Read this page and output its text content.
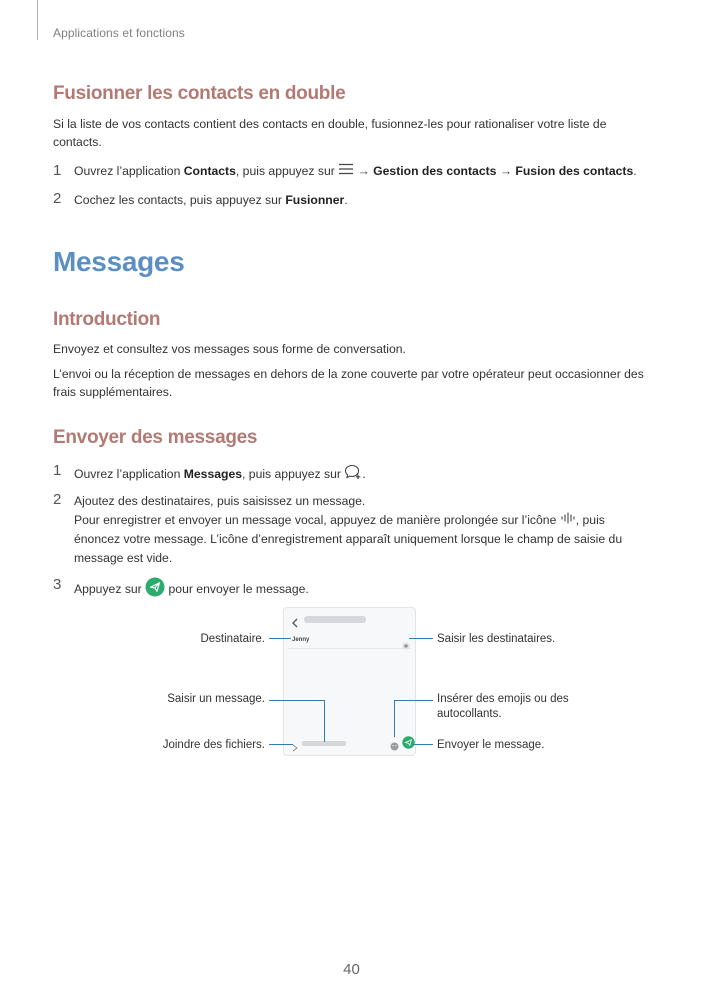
Applications et fonctions
Fusionner les contacts en double
Si la liste de vos contacts contient des contacts en double, fusionnez-les pour rationaliser votre liste de contacts.
1	Ouvrez l’application Contacts, puis appuyez sur  → Gestion des contacts → Fusion des contacts.
2	Cochez les contacts, puis appuyez sur Fusionner.
Messages
Introduction
Envoyez et consultez vos messages sous forme de conversation.
L’envoi ou la réception de messages en dehors de la zone couverte par votre opérateur peut occasionner des frais supplémentaires.
Envoyer des messages
1	Ouvrez l’application Messages, puis appuyez sur .
2	Ajoutez des destinataires, puis saisissez un message.
Pour enregistrer et envoyer un message vocal, appuyez de manière prolongée sur l’icône , puis énoncez votre message. L’icône d’enregistrement apparaît uniquement lorsque le champ de saisie du message est vide.
3	Appuyez sur  pour envoyer le message.
Jenny
Destinataire.
Saisir un message.
Joindre des fichiers.
Saisir les destinataires.
Insérer des emojis ou des autocollants.
Envoyer le message.
40
